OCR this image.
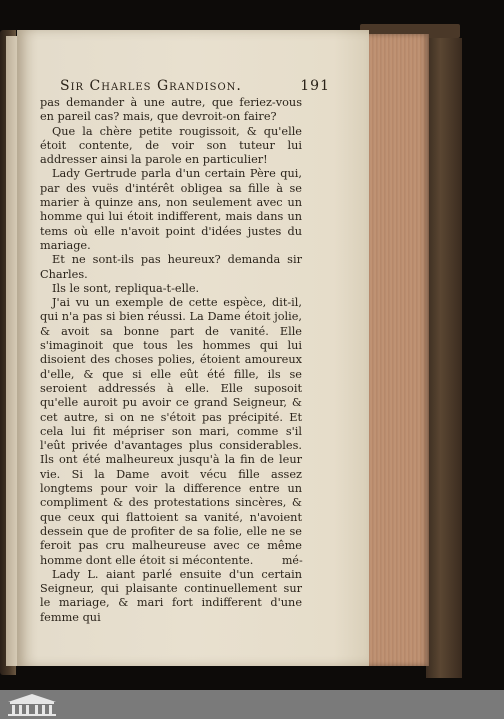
Sir Charles Grandison.	191

pas demander à une autre, que feriez-vous en pareil cas? mais, que devroit-on faire?

Que la chère petite rougissoit, & qu'elle étoit contente, de voir son tuteur lui addresser ainsi la parole en particulier!

Lady Gertrude parla d'un certain Père qui, par des vuës d'intérêt obligea sa fille à se marier à quinze ans, non seulement avec un homme qui lui étoit indifferent, mais dans un tems où elle n'avoit point d'idées justes du mariage.

Et ne sont-ils pas heureux? demanda sir Charles.

Ils le sont, repliqua-t-elle.

J'ai vu un exemple de cette espèce, dit-il, qui n'a pas si bien réussi. La Dame étoit jolie, & avoit sa bonne part de vanité. Elle s'imaginoit que tous les hommes qui lui disoient des choses polies, étoient amoureux d'elle, & que si elle eût été fille, ils se seroient addressés à elle. Elle suposoit qu'elle auroit pu avoir ce grand Seigneur, & cet autre, si on ne s'étoit pas précipité. Et cela lui fit mépriser son mari, comme s'il l'eût privée d'avantages plus considerables. Ils ont été malheureux jusqu'à la fin de leur vie. Si la Dame avoit vécu fille assez longtems pour voir la difference entre un compliment & des protestations sincères, & que ceux qui flattoient sa vanité, n'avoient dessein que de profiter de sa folie, elle ne se feroit pas cru malheureuse avec ce même homme dont elle étoit si mécontente.

Lady L. aiant parlé ensuite d'un certain Seigneur, qui plaisante continuellement sur le mariage, & mari fort indifferent d'une femme qui

mé-
